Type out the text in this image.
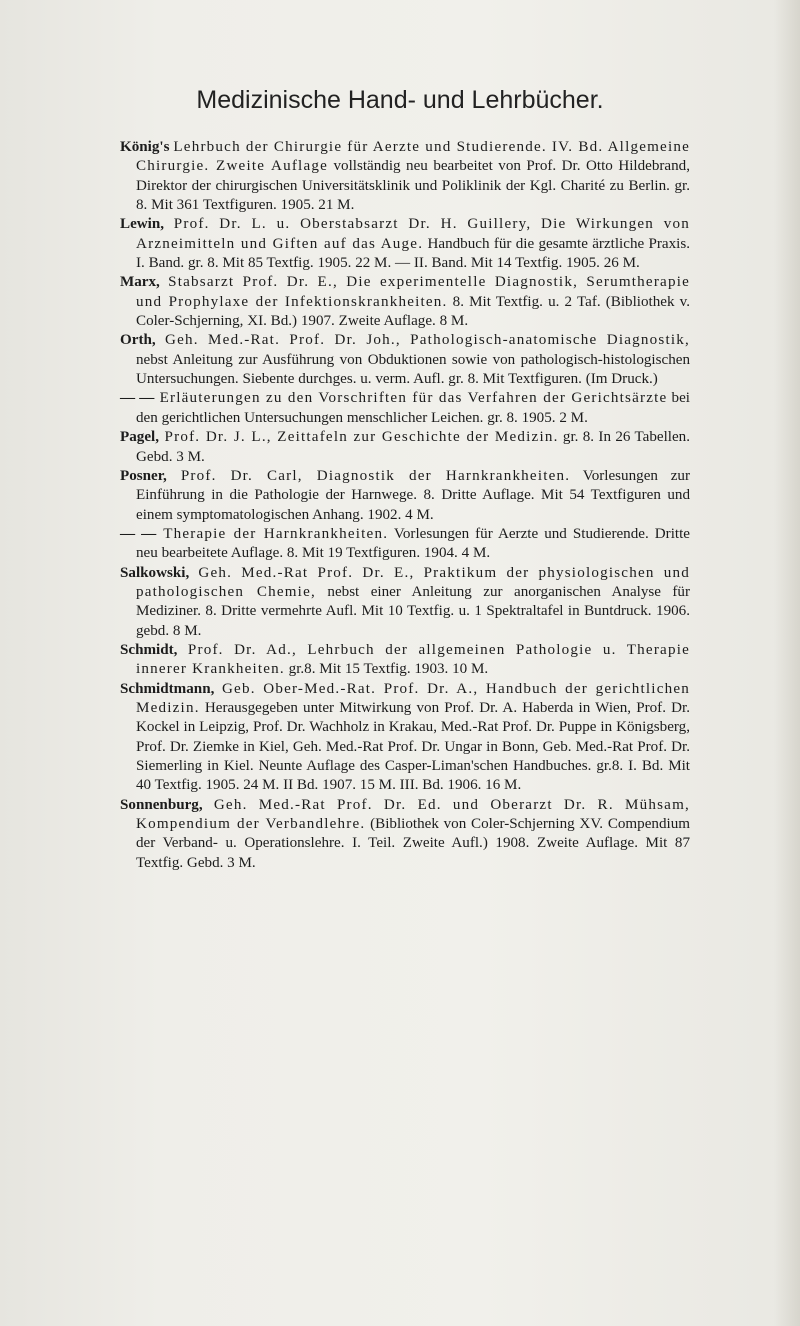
Medizinische Hand- und Lehrbücher.

König's Lehrbuch der Chirurgie für Aerzte und Studierende. IV. Bd. Allgemeine Chirurgie. Zweite Auflage vollständig neu bearbeitet von Prof. Dr. Otto Hildebrand, Direktor der chirurgischen Universitätsklinik und Poliklinik der Kgl. Charité zu Berlin. gr. 8. Mit 361 Textfiguren. 1905. 21 M.

Lewin, Prof. Dr. L. u. Oberstabsarzt Dr. H. Guillery, Die Wirkungen von Arzneimitteln und Giften auf das Auge. Handbuch für die gesamte ärztliche Praxis. I. Band. gr. 8. Mit 85 Textfig. 1905. 22 M. — II. Band. Mit 14 Textfig. 1905. 26 M.

Marx, Stabsarzt Prof. Dr. E., Die experimentelle Diagnostik, Serumtherapie und Prophylaxe der Infektionskrankheiten. 8. Mit Textfig. u. 2 Taf. (Bibliothek v. Coler-Schjerning, XI. Bd.) 1907. Zweite Auflage. 8 M.

Orth, Geh. Med.-Rat. Prof. Dr. Joh., Pathologisch-anatomische Diagnostik, nebst Anleitung zur Ausführung von Obduktionen sowie von pathologisch-histologischen Untersuchungen. Siebente durchges. u. verm. Aufl. gr. 8. Mit Textfiguren. (Im Druck.)

— — Erläuterungen zu den Vorschriften für das Verfahren der Gerichtsärzte bei den gerichtlichen Untersuchungen menschlicher Leichen. gr. 8. 1905. 2 M.

Pagel, Prof. Dr. J. L., Zeittafeln zur Geschichte der Medizin. gr. 8. In 26 Tabellen. Gebd. 3 M.

Posner, Prof. Dr. Carl, Diagnostik der Harnkrankheiten. Vorlesungen zur Einführung in die Pathologie der Harnwege. 8. Dritte Auflage. Mit 54 Textfiguren und einem symptomatologischen Anhang. 1902. 4 M.

— — Therapie der Harnkrankheiten. Vorlesungen für Aerzte und Studierende. Dritte neu bearbeitete Auflage. 8. Mit 19 Textfiguren. 1904. 4 M.

Salkowski, Geh. Med.-Rat Prof. Dr. E., Praktikum der physiologischen und pathologischen Chemie, nebst einer Anleitung zur anorganischen Analyse für Mediziner. 8. Dritte vermehrte Aufl. Mit 10 Textfig. u. 1 Spektraltafel in Buntdruck. 1906. gebd. 8 M.

Schmidt, Prof. Dr. Ad., Lehrbuch der allgemeinen Pathologie u. Therapie innerer Krankheiten. gr.8. Mit 15 Textfig. 1903. 10 M.

Schmidtmann, Geb. Ober-Med.-Rat. Prof. Dr. A., Handbuch der gerichtlichen Medizin. Herausgegeben unter Mitwirkung von Prof. Dr. A. Haberda in Wien, Prof. Dr. Kockel in Leipzig, Prof. Dr. Wachholz in Krakau, Med.-Rat Prof. Dr. Puppe in Königsberg, Prof. Dr. Ziemke in Kiel, Geh. Med.-Rat Prof. Dr. Ungar in Bonn, Geb. Med.-Rat Prof. Dr. Siemerling in Kiel. Neunte Auflage des Casper-Liman'schen Handbuches. gr.8. I. Bd. Mit 40 Textfig. 1905. 24 M. II Bd. 1907. 15 M. III. Bd. 1906. 16 M.

Sonnenburg, Geh. Med.-Rat Prof. Dr. Ed. und Oberarzt Dr. R. Mühsam, Kompendium der Verbandlehre. (Bibliothek von Coler-Schjerning XV. Compendium der Verband- u. Operationslehre. I. Teil. Zweite Aufl.) 1908. Zweite Auflage. Mit 87 Textfig. Gebd. 3 M.
